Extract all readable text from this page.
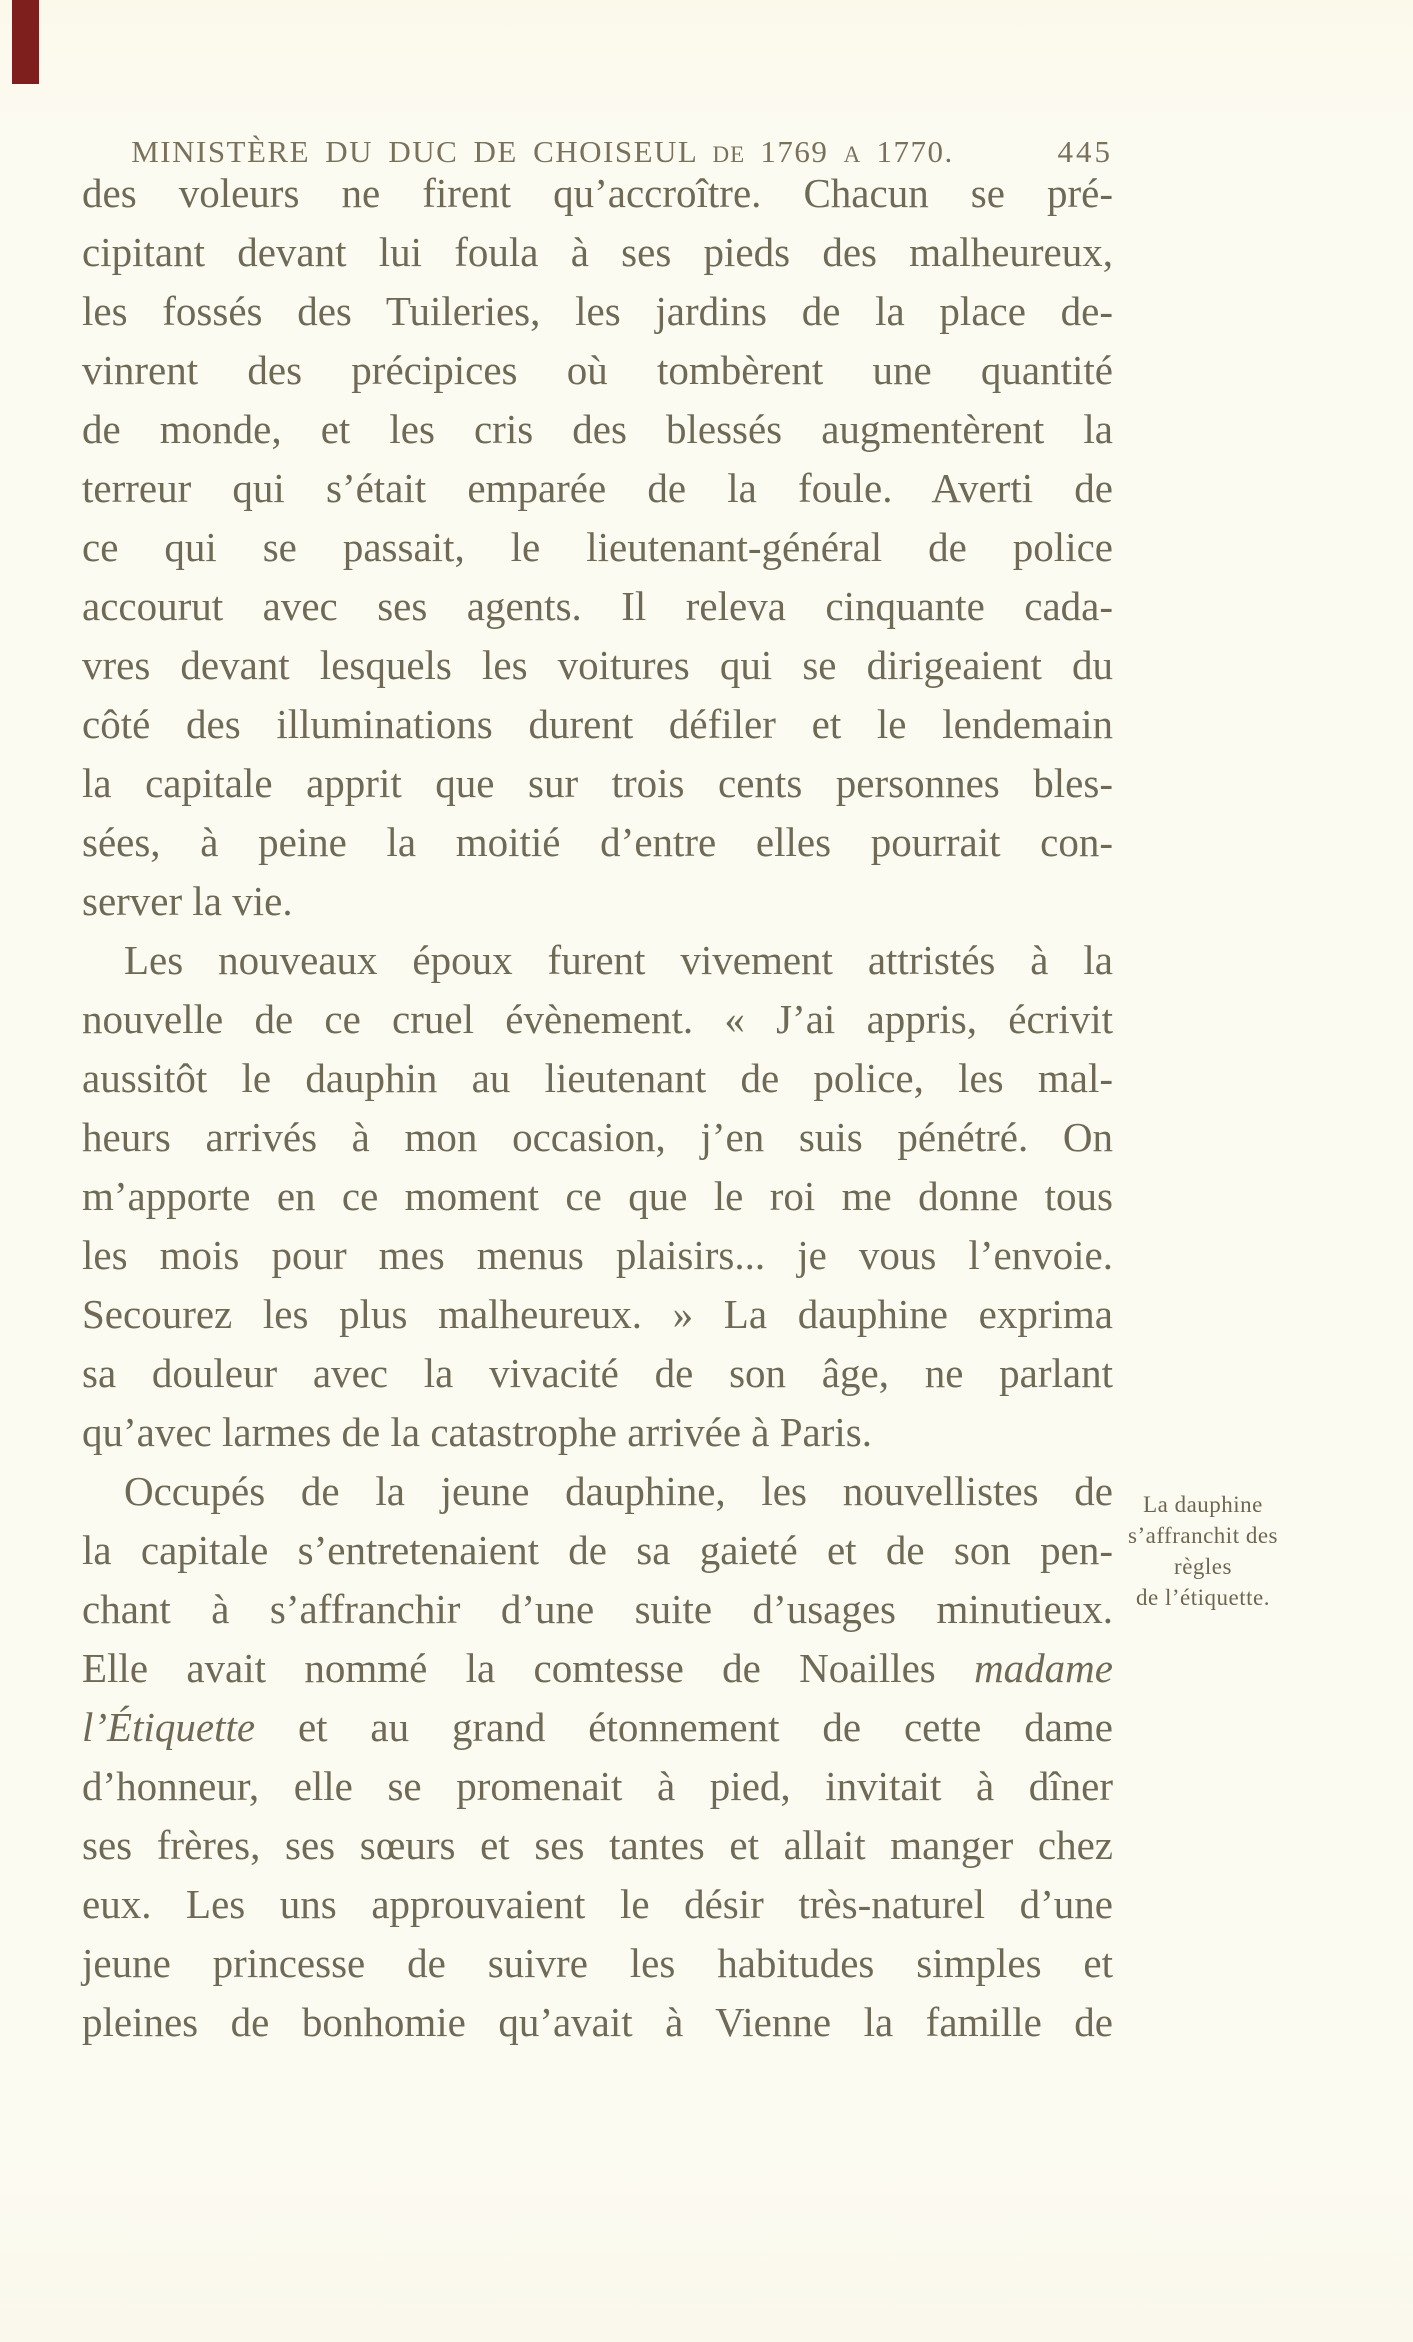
MINISTÈRE DU DUC DE CHOISEUL DE 1769 A 1770.	445
des voleurs ne firent qu’accroître. Chacun se pré-
cipitant devant lui foula à ses pieds des malheureux,
les fossés des Tuileries, les jardins de la place de-
vinrent des précipices où tombèrent une quantité
de monde, et les cris des blessés augmentèrent la
terreur qui s’était emparée de la foule. Averti de
ce qui se passait, le lieutenant-général de police
accourut avec ses agents. Il releva cinquante cada-
vres devant lesquels les voitures qui se dirigeaient du
côté des illuminations durent défiler et le lendemain
la capitale apprit que sur trois cents personnes bles-
sées, à peine la moitié d’entre elles pourrait con-
server la vie.
Les nouveaux époux furent vivement attristés à la
nouvelle de ce cruel évènement. « J’ai appris, écrivit
aussitôt le dauphin au lieutenant de police, les mal-
heurs arrivés à mon occasion, j’en suis pénétré. On
m’apporte en ce moment ce que le roi me donne tous
les mois pour mes menus plaisirs... je vous l’envoie.
Secourez les plus malheureux. » La dauphine exprima
sa douleur avec la vivacité de son âge, ne parlant
qu’avec larmes de la catastrophe arrivée à Paris.
Occupés de la jeune dauphine, les nouvellistes de
la capitale s’entretenaient de sa gaieté et de son pen-
chant à s’affranchir d’une suite d’usages minutieux.
Elle avait nommé la comtesse de Noailles madame
l’Étiquette et au grand étonnement de cette dame
d’honneur, elle se promenait à pied, invitait à dîner
ses frères, ses sœurs et ses tantes et allait manger chez
eux. Les uns approuvaient le désir très-naturel d’une
jeune princesse de suivre les habitudes simples et
pleines de bonhomie qu’avait à Vienne la famille de
La dauphine
s’affranchit des
règles
de l’étiquette.
